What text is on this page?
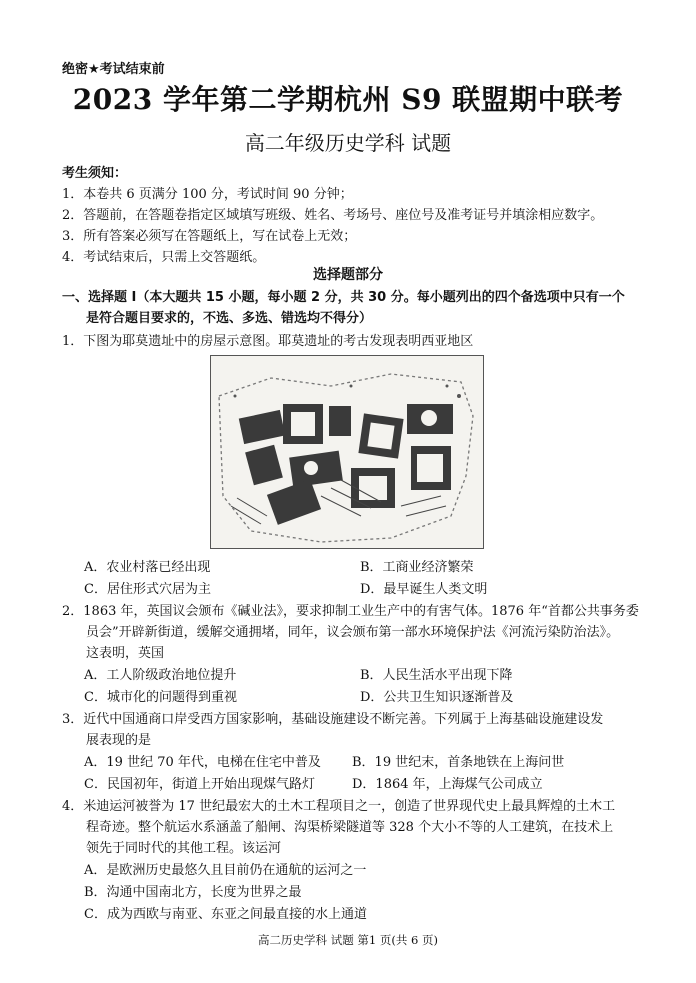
绝密★考试结束前
2023 学年第二学期杭州 S9 联盟期中联考
高二年级历史学科 试题
考生须知：
1．本卷共 6 页满分 100 分，考试时间 90 分钟；
2．答题前，在答题卷指定区域填写班级、姓名、考场号、座位号及准考证号并填涂相应数字。
3．所有答案必须写在答题纸上，写在试卷上无效；
4．考试结束后，只需上交答题纸。
选择题部分
一、选择题 I（本大题共 15 小题，每小题 2 分，共 30 分。每小题列出的四个备选项中只有一个
是符合题目要求的，不选、多选、错选均不得分）
1．下图为耶莫遗址中的房屋示意图。耶莫遗址的考古发现表明西亚地区
A．农业村落已经出现	B．工商业经济繁荣
C．居住形式穴居为主	D．最早诞生人类文明
2．1863 年，英国议会颁布《碱业法》，要求抑制工业生产中的有害气体。1876 年“首都公共事务委
员会”开辟新街道，缓解交通拥堵，同年，议会颁布第一部水环境保护法《河流污染防治法》。
这表明，英国
A．工人阶级政治地位提升	B．人民生活水平出现下降
C．城市化的问题得到重视	D．公共卫生知识逐渐普及
3．近代中国通商口岸受西方国家影响，基础设施建设不断完善。下列属于上海基础设施建设发
展表现的是
A．19 世纪 70 年代，电梯在住宅中普及 B．19 世纪末，首条地铁在上海问世
C．民国初年，街道上开始出现煤气路灯	D．1864 年，上海煤气公司成立
4．米迪运河被誉为 17 世纪最宏大的土木工程项目之一，创造了世界现代史上最具辉煌的土木工
程奇迹。整个航运水系涵盖了船闸、沟渠桥梁隧道等 328 个大小不等的人工建筑，在技术上
领先于同时代的其他工程。该运河
A．是欧洲历史最悠久且目前仍在通航的运河之一
B．沟通中国南北方，长度为世界之最
C．成为西欧与南亚、东亚之间最直接的水上通道
高二历史学科 试题 第1 页(共 6 页)
